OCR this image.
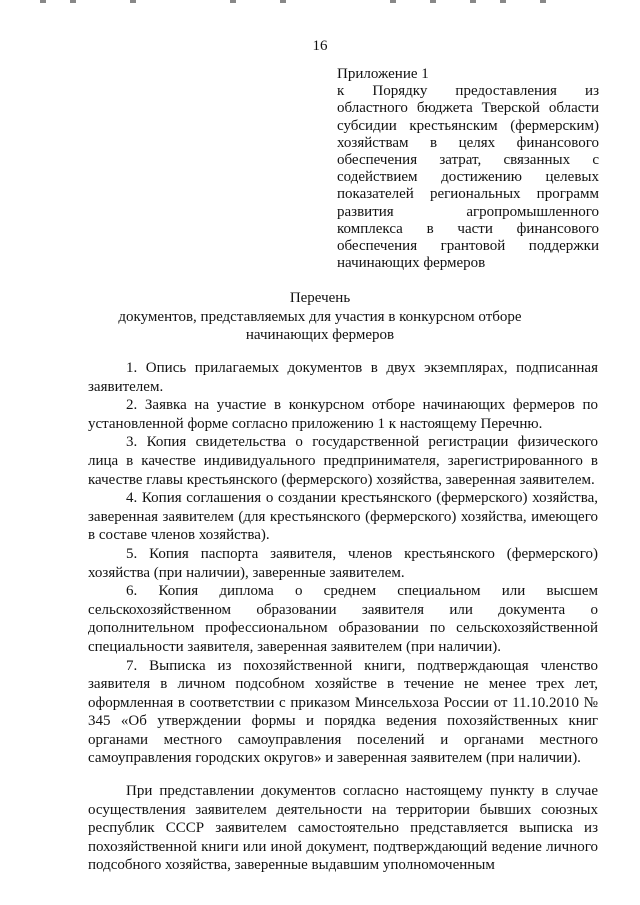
16
Приложение 1
к Порядку предоставления из
областного бюджета Тверской области
субсидии крестьянским (фермерским)
хозяйствам в целях финансового
обеспечения затрат, связанных с
содействием достижению целевых
показателей региональных программ
развития агропромышленного
комплекса в части финансового
обеспечения грантовой поддержки
начинающих фермеров
Перечень
документов, представляемых для участия в конкурсном отборе начинающих фермеров

1. Опись прилагаемых документов в двух экземплярах, подписанная заявителем.

2. Заявка на участие в конкурсном отборе начинающих фермеров по установленной форме согласно приложению 1 к настоящему Перечню.

3. Копия свидетельства о государственной регистрации физического лица в качестве индивидуального предпринимателя, зарегистрированного в качестве главы крестьянского (фермерского) хозяйства, заверенная заявителем.

4. Копия соглашения о создании крестьянского (фермерского) хозяйства, заверенная заявителем (для крестьянского (фермерского) хозяйства, имеющего в составе членов хозяйства).

5. Копия паспорта заявителя, членов крестьянского (фермерского) хозяйства (при наличии), заверенные заявителем.

6. Копия диплома о среднем специальном или высшем сельскохозяйственном образовании заявителя или документа о дополнительном профессиональном образовании по сельскохозяйственной специальности заявителя, заверенная заявителем (при наличии).

7. Выписка из похозяйственной книги, подтверждающая членство заявителя в личном подсобном хозяйстве в течение не менее трех лет, оформленная в соответствии с приказом Минсельхоза России от 11.10.2010 № 345 «Об утверждении формы и порядка ведения похозяйственных книг органами местного самоуправления поселений и органами местного самоуправления городских округов» и заверенная заявителем (при наличии).

При представлении документов согласно настоящему пункту в случае осуществления заявителем деятельности на территории бывших союзных республик СССР заявителем самостоятельно представляется выписка из похозяйственной книги или иной документ, подтверждающий ведение личного подсобного хозяйства, заверенные выдавшим уполномоченным
